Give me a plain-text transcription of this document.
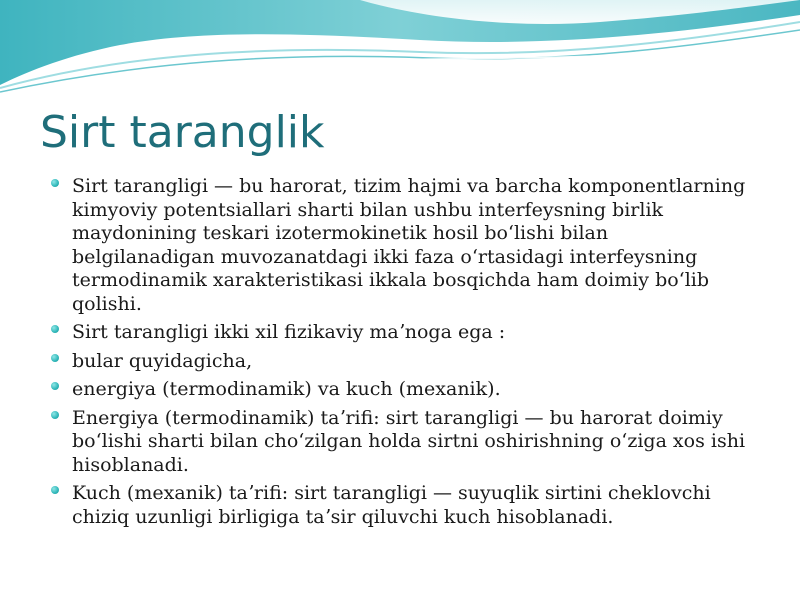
Sirt taranglik
Sirt tarangligi — bu harorat, tizim hajmi va barcha komponentlarning kimyoviy potentsiallari sharti bilan ushbu interfeysning birlik maydonining teskari izotermokinetik hosil boʻlishi bilan belgilanadigan muvozanatdagi ikki faza oʻrtasidagi interfeysning termodinamik xarakteristikasi ikkala bosqichda ham doimiy boʻlib qolishi.
Sirt tarangligi ikki xil fizikaviy maʼnoga ega :
bular quyidagicha,
energiya (termodinamik) va kuch (mexanik).
Energiya (termodinamik) taʼrifi: sirt tarangligi — bu harorat doimiy boʻlishi sharti bilan choʻzilgan holda sirtni oshirishning oʻziga xos ishi hisoblanadi.
Kuch (mexanik) taʼrifi: sirt tarangligi — suyuqlik sirtini cheklovchi chiziq uzunligi birligiga taʼsir qiluvchi kuch hisoblanadi.
